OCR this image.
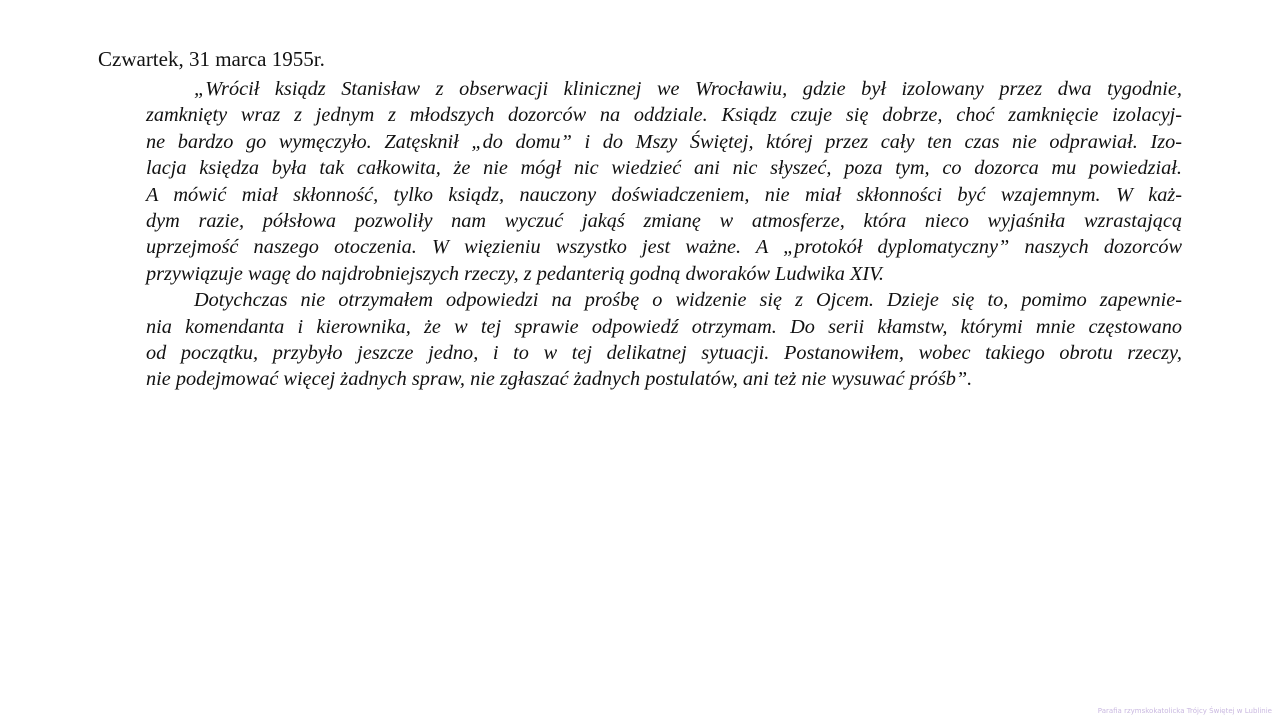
Czwartek, 31 marca 1955r.
„Wrócił ksiądz Stanisław z obserwacji klinicznej we Wrocławiu, gdzie był izolowany przez dwa tygodnie,
zamknięty wraz z jednym z młodszych dozorców na oddziale. Ksiądz czuje się dobrze, choć zamknięcie izolacyj-
ne bardzo go wymęczyło. Zatęsknił „do domu” i do Mszy Świętej, której przez cały ten czas nie odprawiał. Izo-
lacja księdza była tak całkowita, że nie mógł nic wiedzieć ani nic słyszeć, poza tym, co dozorca mu powiedział.
A mówić miał skłonność, tylko ksiądz, nauczony doświadczeniem, nie miał skłonności być wzajemnym. W każ-
dym razie, półsłowa pozwoliły nam wyczuć jakąś zmianę w atmosferze, która nieco wyjaśniła wzrastającą
uprzejmość naszego otoczenia. W więzieniu wszystko jest ważne. A „protokół dyplomatyczny” naszych dozorców
przywiązuje wagę do najdrobniejszych rzeczy, z pedanterią godną dworaków Ludwika XIV.
Dotychczas nie otrzymałem odpowiedzi na prośbę o widzenie się z Ojcem. Dzieje się to, pomimo zapewnie-
nia komendanta i kierownika, że w tej sprawie odpowiedź otrzymam. Do serii kłamstw, którymi mnie częstowano
od początku, przybyło jeszcze jedno, i to w tej delikatnej sytuacji. Postanowiłem, wobec takiego obrotu rzeczy,
nie podejmować więcej żadnych spraw, nie zgłaszać żadnych postulatów, ani też nie wysuwać próśb”.
Parafia rzymskokatolicka Trójcy Świętej w Lublinie
